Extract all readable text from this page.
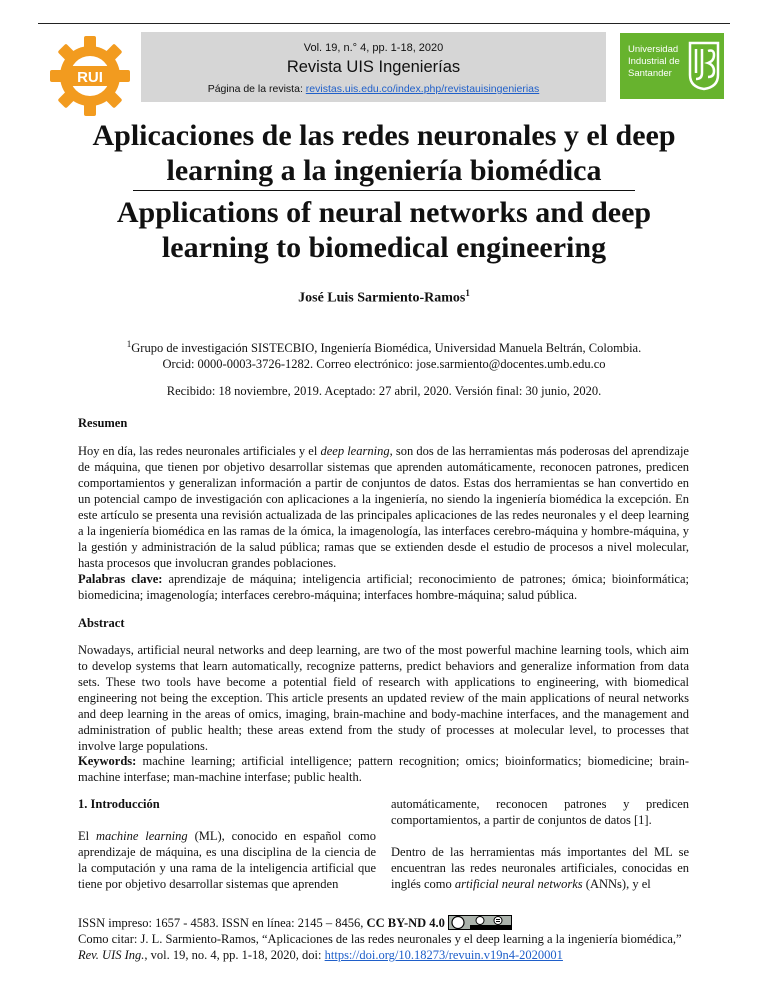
RUI
Vol. 19, n.° 4, pp. 1-18, 2020
Revista UIS Ingenierías
Página de la revista: revistas.uis.edu.co/index.php/revistauisingenierias
Universidad
Industrial de
Santander
Aplicaciones de las redes neuronales y el deep
learning a la ingeniería biomédica
Applications of neural networks and deep
learning to biomedical engineering
José Luis Sarmiento-Ramos$^1$
$^1$Grupo de investigación SISTECBIO, Ingeniería Biomédica, Universidad Manuela Beltrán, Colombia.
Orcid: 0000-0003-3726-1282. Correo electrónico: jose.sarmiento@docentes.umb.edu.co
Recibido: 18 noviembre, 2019. Aceptado: 27 abril, 2020. Versión final: 30 junio, 2020.
Resumen
Hoy en día, las redes neuronales artificiales y el deep learning, son dos de las herramientas más poderosas del aprendizaje de máquina, que tienen por objetivo desarrollar sistemas que aprenden automáticamente, reconocen patrones, predicen comportamientos y generalizan información a partir de conjuntos de datos. Estas dos herramientas se han convertido en un potencial campo de investigación con aplicaciones a la ingeniería, no siendo la ingeniería biomédica la excepción. En este artículo se presenta una revisión actualizada de las principales aplicaciones de las redes neuronales y el deep learning a la ingeniería biomédica en las ramas de la ómica, la imagenología, las interfaces cerebro-máquina y hombre-máquina, y la gestión y administración de la salud pública; ramas que se extienden desde el estudio de procesos a nivel molecular, hasta procesos que involucran grandes poblaciones.
Palabras clave: aprendizaje de máquina; inteligencia artificial; reconocimiento de patrones; ómica; bioinformática; biomedicina; imagenología; interfaces cerebro-máquina; interfaces hombre-máquina; salud pública.
Abstract
Nowadays, artificial neural networks and deep learning, are two of the most powerful machine learning tools, which aim to develop systems that learn automatically, recognize patterns, predict behaviors and generalize information from data sets. These two tools have become a potential field of research with applications to engineering, with biomedical engineering not being the exception. This article presents an updated review of the main applications of neural networks and deep learning in the areas of omics, imaging, brain-machine and body-machine interfaces, and the management and administration of public health; these areas extend from the study of processes at molecular level, to processes that involve large populations.
Keywords: machine learning; artificial intelligence; pattern recognition; omics; bioinformatics; biomedicine; brain-machine interfase; man-machine interfase; public health.
1. Introducción

El machine learning (ML), conocido en español como aprendizaje de máquina, es una disciplina de la ciencia de la computación y una rama de la inteligencia artificial que tiene por objetivo desarrollar sistemas que aprenden

automáticamente, reconocen patrones y predicen comportamientos, a partir de conjuntos de datos [1].

Dentro de las herramientas más importantes del ML se encuentran las redes neuronales artificiales, conocidas en inglés como artificial neural networks (ANNs), y el

ISSN impreso: 1657 - 4583. ISSN en línea: 2145 – 8456, CC BY-ND 4.0
Como citar: J. L. Sarmiento-Ramos, “Aplicaciones de las redes neuronales y el deep learning a la ingeniería biomédica,” Rev. UIS Ing., vol. 19, no. 4, pp. 1-18, 2020, doi: https://doi.org/10.18273/revuin.v19n4-2020001
